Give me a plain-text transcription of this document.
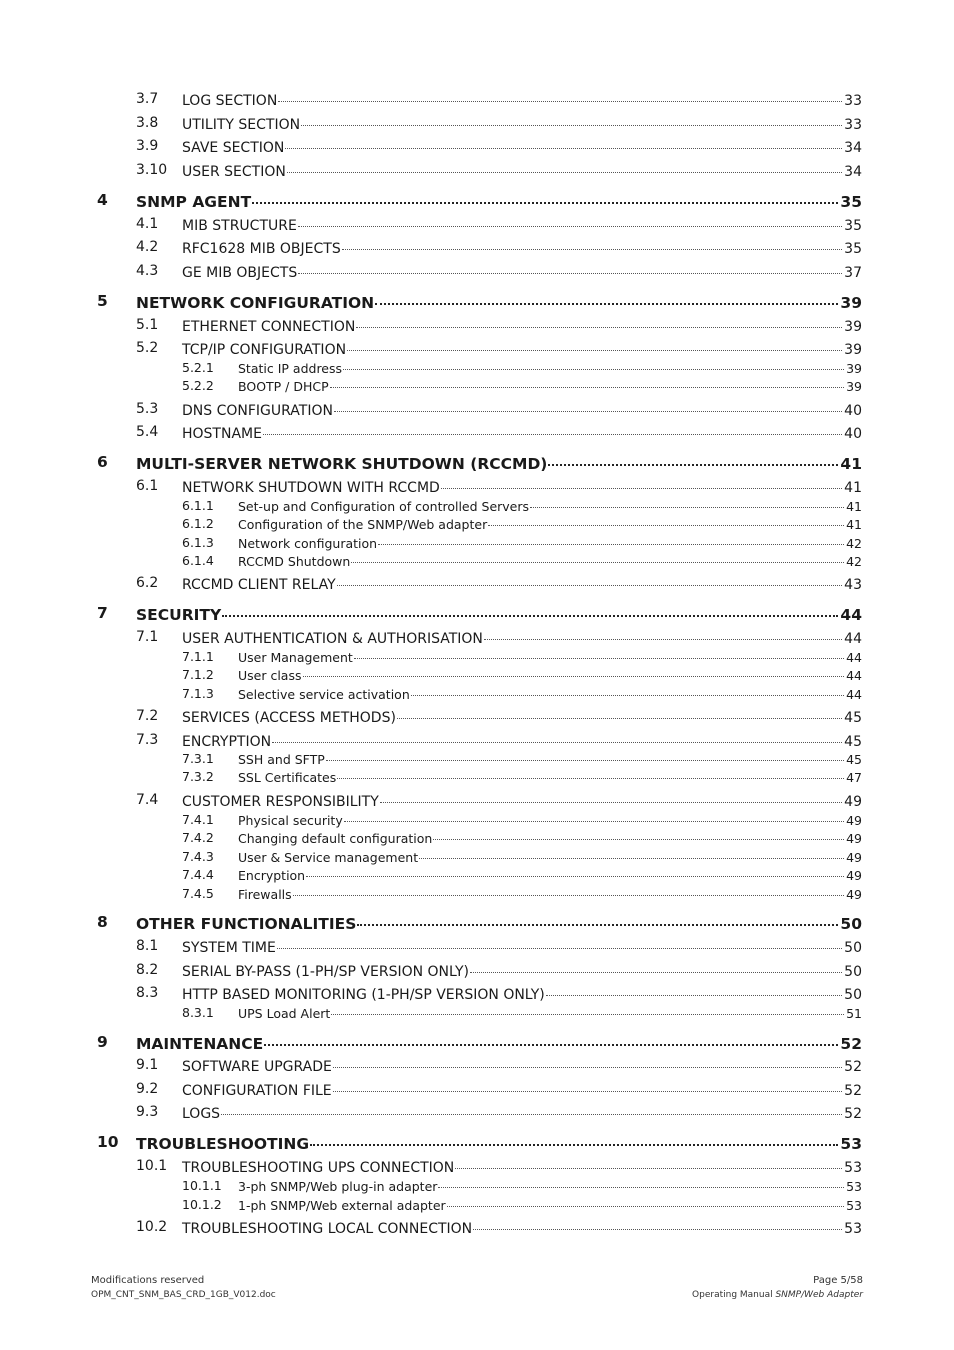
3.7 LOG SECTION	33
3.8 UTILITY SECTION	33
3.9 SAVE SECTION	34
3.10 USER SECTION	34
4 SNMP AGENT	35
4.1 MIB STRUCTURE	35
4.2 RFC1628 MIB OBJECTS	35
4.3 GE MIB OBJECTS	37
5 NETWORK CONFIGURATION	39
5.1 ETHERNET CONNECTION	39
5.2 TCP/IP CONFIGURATION	39
5.2.1 Static IP address	39
5.2.2 BOOTP / DHCP	39
5.3 DNS CONFIGURATION	40
5.4 HOSTNAME	40
6 MULTI-SERVER NETWORK SHUTDOWN (RCCMD)	41
6.1 NETWORK SHUTDOWN WITH RCCMD	41
6.1.1 Set-up and Configuration of controlled Servers	41
6.1.2 Configuration of the SNMP/Web adapter	41
6.1.3 Network configuration	42
6.1.4 RCCMD Shutdown	42
6.2 RCCMD CLIENT RELAY	43
7 SECURITY	44
7.1 USER AUTHENTICATION & AUTHORISATION	44
7.1.1 User Management	44
7.1.2 User class	44
7.1.3 Selective service activation	44
7.2 SERVICES (ACCESS METHODS)	45
7.3 ENCRYPTION	45
7.3.1 SSH and SFTP	45
7.3.2 SSL Certificates	47
7.4 CUSTOMER RESPONSIBILITY	49
7.4.1 Physical security	49
7.4.2 Changing default configuration	49
7.4.3 User & Service management	49
7.4.4 Encryption	49
7.4.5 Firewalls	49
8 OTHER FUNCTIONALITIES	50
8.1 SYSTEM TIME	50
8.2 SERIAL BY-PASS (1-PH/SP VERSION ONLY)	50
8.3 HTTP BASED MONITORING (1-PH/SP VERSION ONLY)	50
8.3.1 UPS Load Alert	51
9 MAINTENANCE	52
9.1 SOFTWARE UPGRADE	52
9.2 CONFIGURATION FILE	52
9.3 LOGS	52
10 TROUBLESHOOTING	53
10.1 TROUBLESHOOTING UPS CONNECTION	53
10.1.1 3-ph SNMP/Web plug-in adapter	53
10.1.2 1-ph SNMP/Web external adapter	53
10.2 TROUBLESHOOTING LOCAL CONNECTION	53
Modifications reserved
OPM_CNT_SNM_BAS_CRD_1GB_V012.doc
Page 5/58
Operating Manual SNMP/Web Adapter
